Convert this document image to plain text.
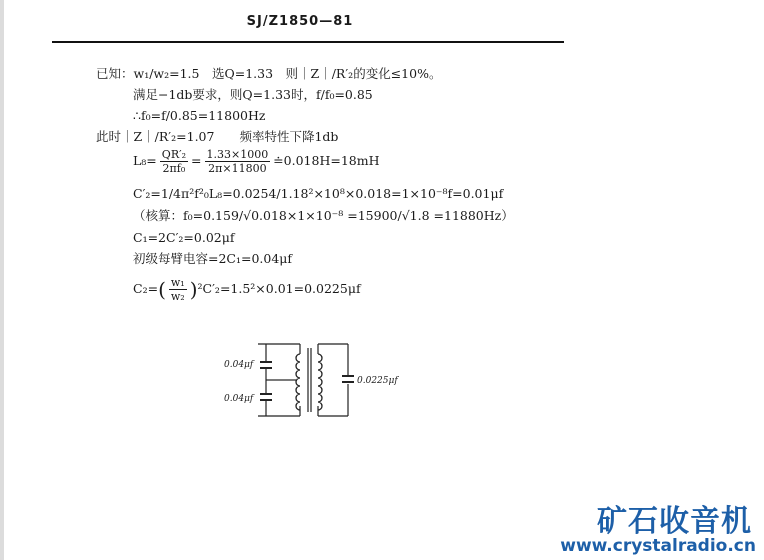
SJ/Z1850—81
已知：w₁/w₂=1.5　选Q=1.33　则｜Z｜/R′₂的变化≤10%。
满足−1db要求，则Q=1.33时，f/f₀=0.85
∴f₀=f/0.85=11800Hz
此时｜Z｜/R′₂=1.07　　频率特性下降1db
$L_8= \frac{\text{QR′₂}}{\text{2πf₀}} = \frac{1.33\times 1000}{2\pi\times 11800}$ ≐0.018H=18mH
C′₂=1/4π²f²₀L₈=0.0254/1.18²×10⁸×0.018=1×10⁻⁸f=0.01μf
（核算：f₀=0.159/√0.018×1×10⁻⁸ =15900/√1.8 =11880Hz）
C₁=2C′₂=0.02μf
初级每臂电容=2C₁=0.04μf
$C_2=( \frac{\text{w₁}}{\text{w₂}} )^2C'_2=1.5^2\times 0.01=0.0225\mu f$
0.04μf
0.04μf
0.0225μf
矿石收音机
www.crystalradio.cn
